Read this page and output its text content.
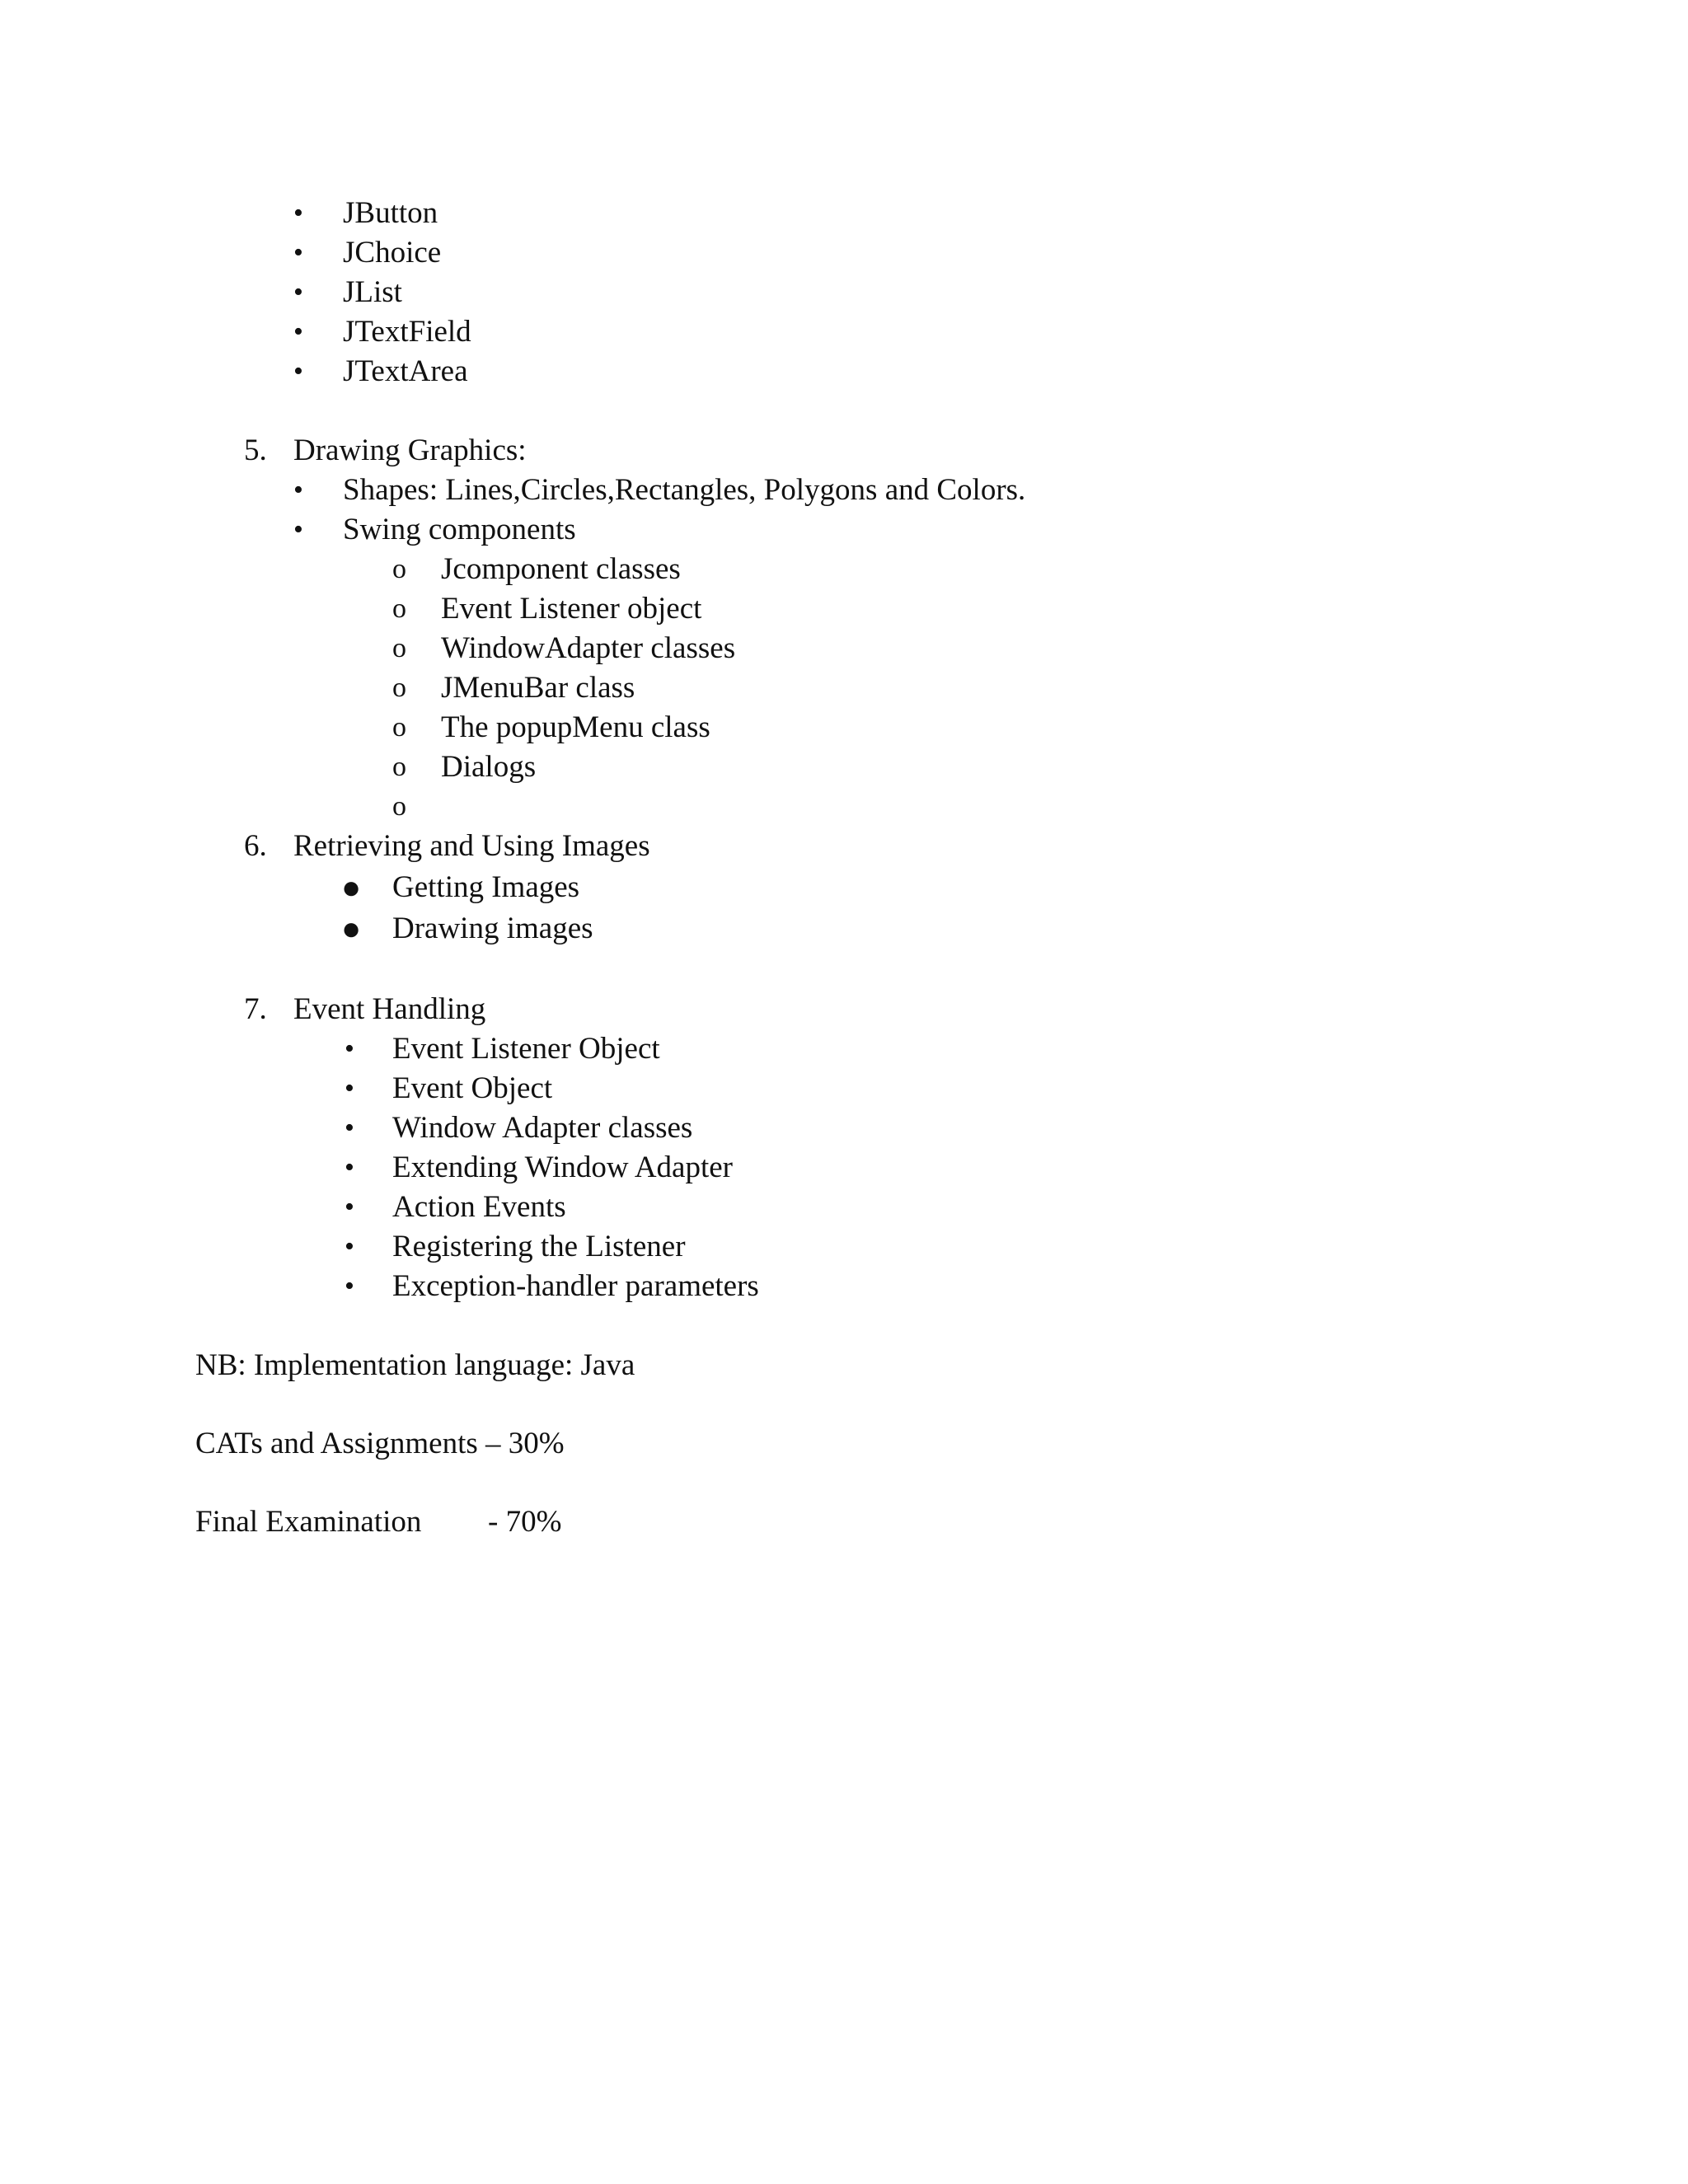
• JButton
• JChoice
• JList
• JTextField
• JTextArea
5. Drawing Graphics:
• Shapes: Lines,Circles,Rectangles, Polygons and Colors.
• Swing components
o Jcomponent classes
o Event Listener object
o WindowAdapter classes
o JMenuBar class
o The popupMenu class
o Dialogs
o
6. Retrieving and Using Images
● Getting Images
● Drawing images
7. Event Handling
• Event Listener Object
• Event Object
• Window Adapter classes
• Extending Window Adapter
• Action Events
• Registering the Listener
• Exception-handler parameters
NB: Implementation language: Java
CATs and Assignments – 30%
Final Examination - 70%
